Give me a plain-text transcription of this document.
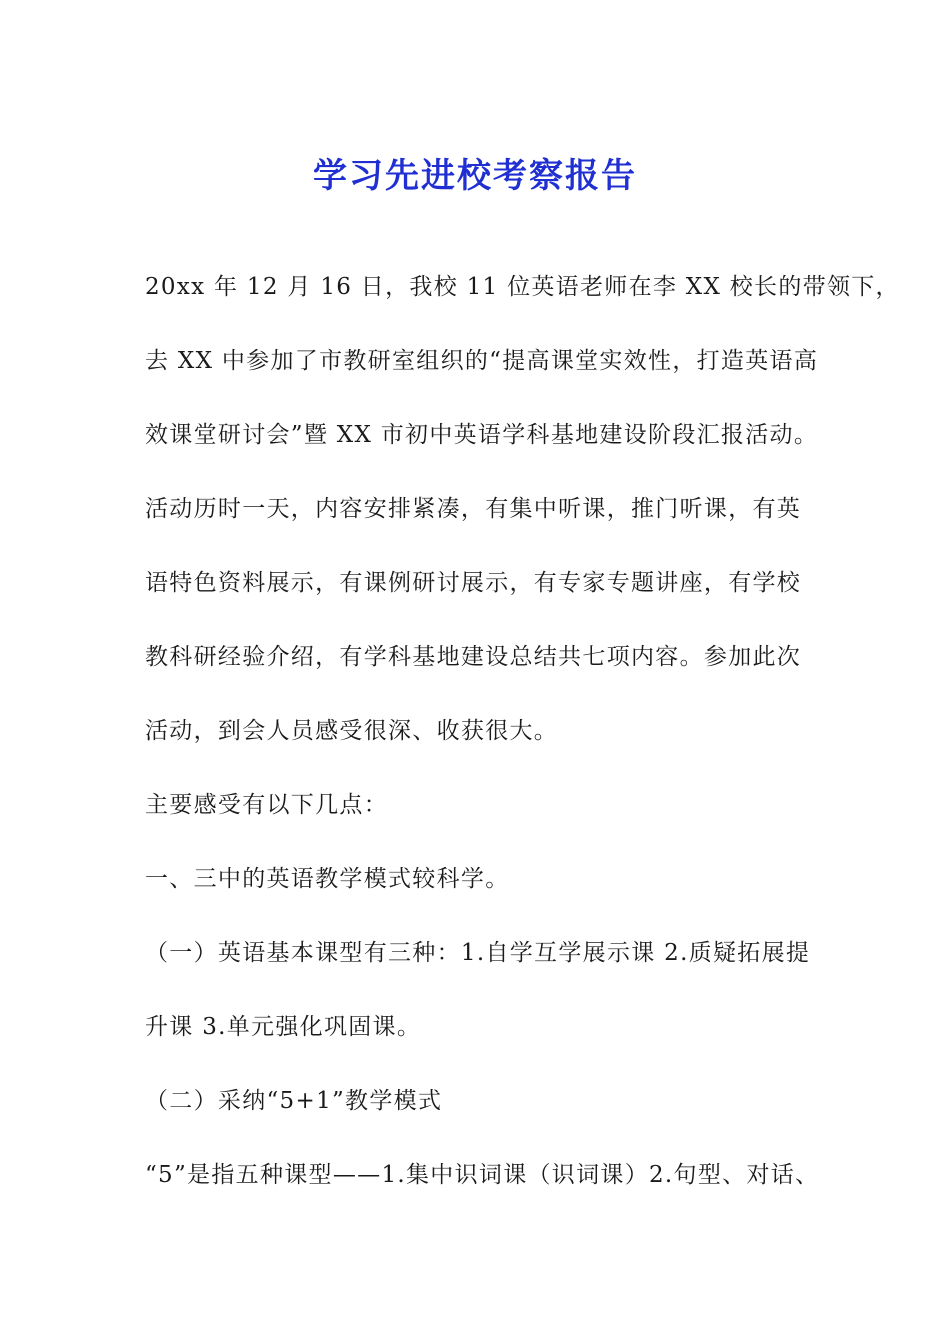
学习先进校考察报告
20xx 年 12 月 16 日，我校 11 位英语老师在李 XX 校长的带领下，
去 XX 中参加了市教研室组织的“提高课堂实效性，打造英语高
效课堂研讨会”暨 XX 市初中英语学科基地建设阶段汇报活动。
活动历时一天，内容安排紧凑，有集中听课，推门听课，有英
语特色资料展示，有课例研讨展示，有专家专题讲座，有学校
教科研经验介绍，有学科基地建设总结共七项内容。参加此次
活动，到会人员感受很深、收获很大。
主要感受有以下几点：
一、三中的英语教学模式较科学。
（一）英语基本课型有三种：1.自学互学展示课 2.质疑拓展提
升课 3.单元强化巩固课。
（二）采纳“5+1”教学模式
“5”是指五种课型——1.集中识词课（识词课）2.句型、对话、
